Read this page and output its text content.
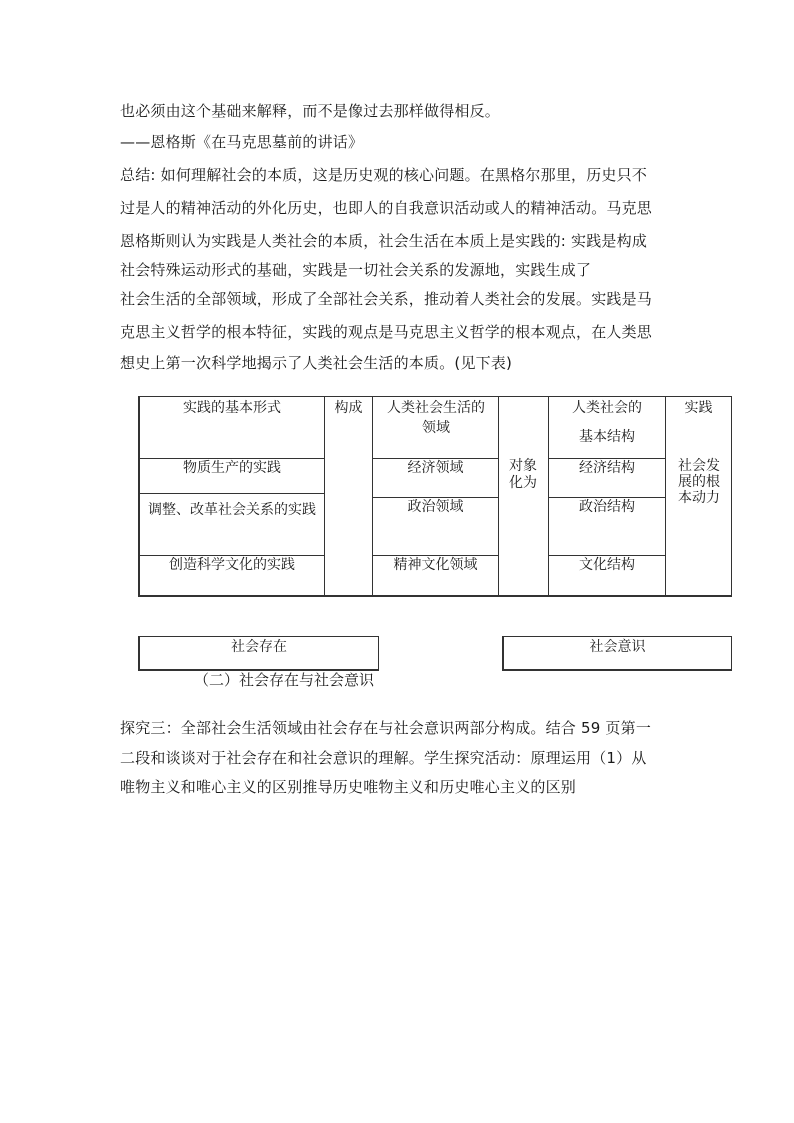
也必须由这个基础来解释，而不是像过去那样做得相反。
——恩格斯《在马克思墓前的讲话》
总结: 如何理解社会的本质，这是历史观的核心问题。在黑格尔那里，历史只不
过是人的精神活动的外化历史，也即人的自我意识活动或人的精神活动。马克思
恩格斯则认为实践是人类社会的本质，社会生活在本质上是实践的: 实践是构成
社会特殊运动形式的基础，实践是一切社会关系的发源地，实践生成了
社会生活的全部领域，形成了全部社会关系，推动着人类社会的发展。实践是马
克思主义哲学的根本特征，实践的观点是马克思主义哲学的根本观点，在人类思
想史上第一次科学地揭示了人类社会生活的本质。(见下表)
实践的基本形式
物质生产的实践
调整、改革社会关系的实践
创造科学文化的实践
构成	人类社会生活的领域
经济领域
政治领域
精神文化领域
对象化为
人类社会的
基本结构
经济结构
政治结构
文化结构
实践
社会发展的根本动力
社会存在	社会意识
（二）社会存在与社会意识
探究三：全部社会生活领域由社会存在与社会意识两部分构成。结合 59 页第一
二段和谈谈对于社会存在和社会意识的理解。学生探究活动：原理运用（1）从
唯物主义和唯心主义的区别推导历史唯物主义和历史唯心主义的区别
